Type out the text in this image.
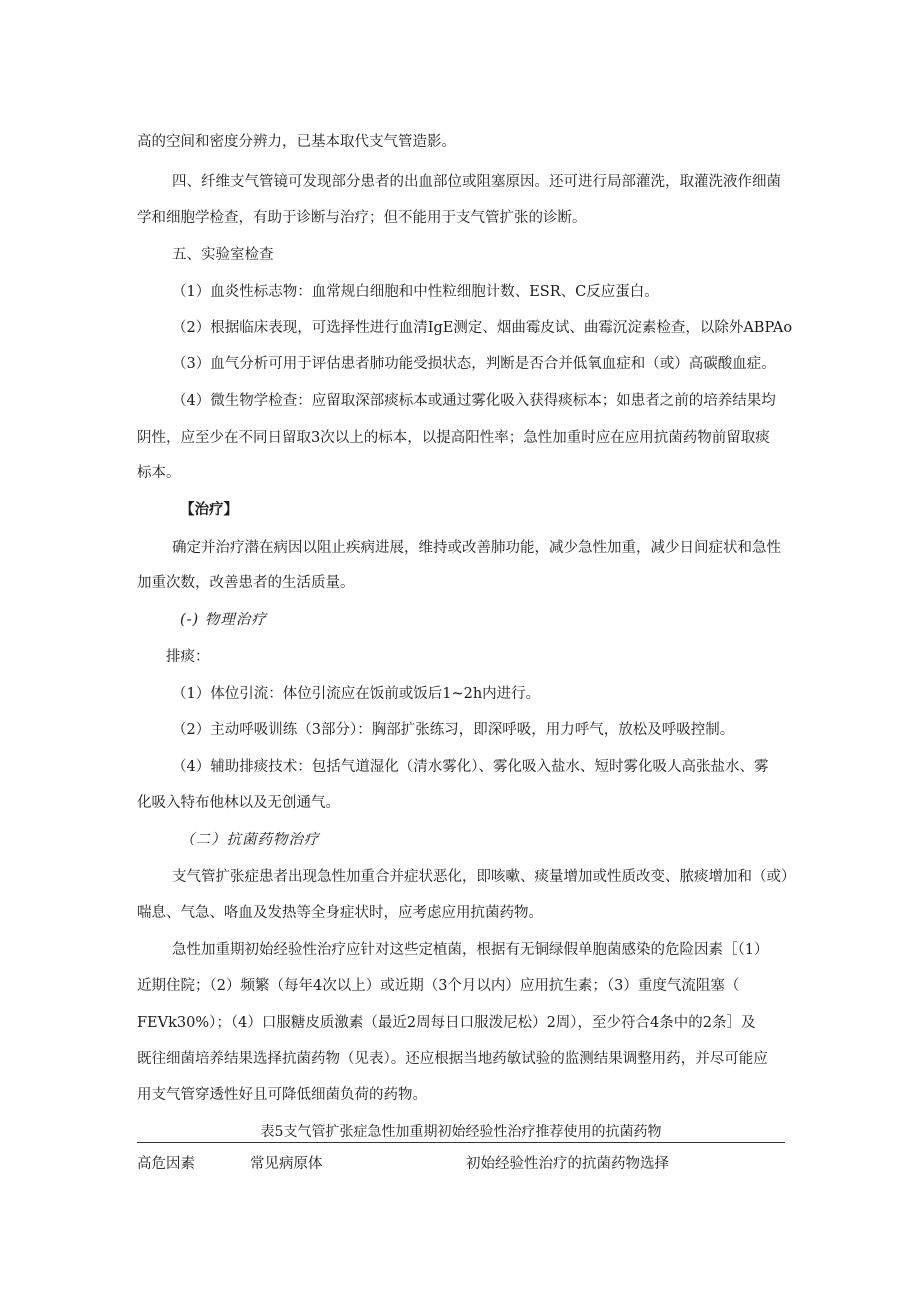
高的空间和密度分辨力，已基本取代支气管造影。

四、纤维支气管镜可发现部分患者的出血部位或阻塞原因。还可进行局部灌洗，取灌洗液作细菌

学和细胞学检查，有助于诊断与治疗；但不能用于支气管扩张的诊断。

五、实验室检查

（1）血炎性标志物：血常规白细胞和中性粒细胞计数、ESR、C反应蛋白。

（2）根据临床表现，可选择性进行血清IgE测定、烟曲霉皮试、曲霉沉淀素检查，以除外ABPAo

（3）血气分析可用于评估患者肺功能受损状态，判断是否合并低氧血症和（或）高碳酸血症。

（4）微生物学检查：应留取深部痰标本或通过雾化吸入获得痰标本；如患者之前的培养结果均

阴性，应至少在不同日留取3次以上的标本，以提高阳性率；急性加重时应在应用抗菌药物前留取痰

标本。

【治疗】

确定并治疗潜在病因以阻止疾病进展，维持或改善肺功能，减少急性加重，减少日间症状和急性

加重次数，改善患者的生活质量。

(-) 物理治疗

排痰：

（1）体位引流：体位引流应在饭前或饭后1~2h内进行。

（2）主动呼吸训练（3部分）：胸部扩张练习，即深呼吸，用力呼气，放松及呼吸控制。

（4）辅助排痰技术：包括气道湿化（清水雾化）、雾化吸入盐水、短时雾化吸人高张盐水、雾

化吸入特布他林以及无创通气。

（二）抗菌药物治疗

支气管扩张症患者出现急性加重合并症状恶化，即咳嗽、痰量增加或性质改变、脓痰增加和（或）

喘息、气急、咯血及发热等全身症状时，应考虑应用抗菌药物。

急性加重期初始经验性治疗应针对这些定植菌，根据有无铜绿假单胞菌感染的危险因素［（1）

近期住院；（2）频繁（每年4次以上）或近期（3个月以内）应用抗生素；（3）重度气流阻塞（

FEVk30%）；（4）口服糖皮质激素（最近2周每日口服泼尼松）2周），至少符合4条中的2条］及

既往细菌培养结果选择抗菌药物（见表）。还应根据当地药敏试验的监测结果调整用药，并尽可能应

用支气管穿透性好且可降低细菌负荷的药物。

表5支气管扩张症急性加重期初始经验性治疗推荐使用的抗菌药物
高危因素	常见病原体	初始经验性治疗的抗菌药物选择
